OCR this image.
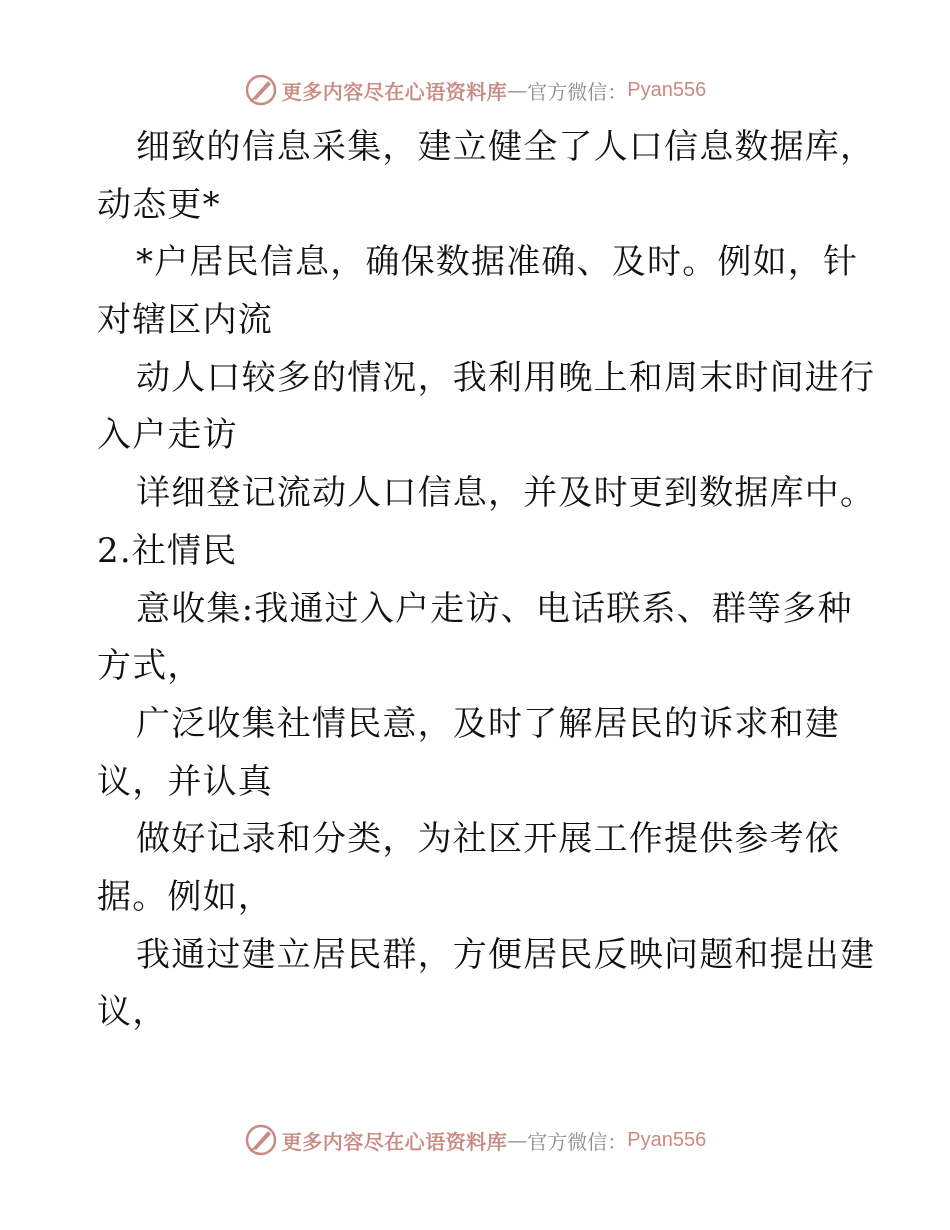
更多内容尽在心语资料库 — 官方微信： Pyan556
细致的信息采集，建立健全了人口信息数据库，
动态更*
*户居民信息，确保数据准确、及时。例如，针
对辖区内流
动人口较多的情况，我利用晚上和周末时间进行
入户走访
详细登记流动人口信息，并及时更到数据库中。
2.社情民
意收集:我通过入户走访、电话联系、群等多种
方式，
广泛收集社情民意，及时了解居民的诉求和建
议，并认真
做好记录和分类，为社区开展工作提供参考依
据。例如，
我通过建立居民群，方便居民反映问题和提出建
议，
更多内容尽在心语资料库 — 官方微信： Pyan556
